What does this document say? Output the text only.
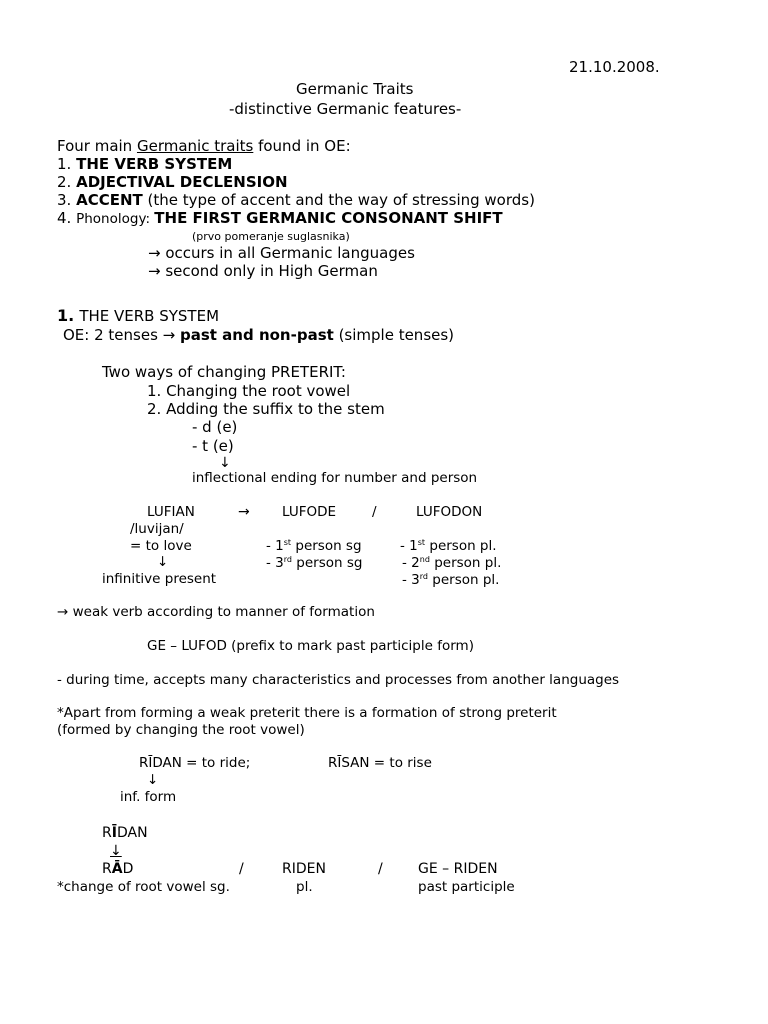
21.10.2008.
Germanic Traits
-distinctive Germanic features-
Four main Germanic traits found in OE:
1. THE VERB SYSTEM
2. ADJECTIVAL DECLENSION
3. ACCENT (the type of accent and the way of stressing words)
4. Phonology: THE FIRST GERMANIC CONSONANT SHIFT
(prvo pomeranje suglasnika)
→ occurs in all Germanic languages
→ second only in High German
1. THE VERB SYSTEM
OE: 2 tenses → past and non-past (simple tenses)
Two ways of changing PRETERIT:
1. Changing the root vowel
2. Adding the suffix to the stem
- d (e)
- t (e)
↓
inflectional ending for number and person
LUFIAN	→ LUFODE	/	LUFODON
/luvijan/
= to love
↓
infinitive present
- 1st person sg
- 3rd person sg
- 1st person pl.
- 2nd person pl.
- 3rd person pl.
→ weak verb according to manner of formation
GE – LUFOD (prefix to mark past participle form)
- during time, accepts many characteristics and processes from another languages
*Apart from forming a weak preterit there is a formation of strong preterit
(formed by changing the root vowel)
RĪDAN = to ride;	RĪSAN = to rise
↓
inf. form
RĪDAN
↓
RĀD	/	RIDEN	/	GE – RIDEN
*change of root vowel sg.	pl.	past participle
